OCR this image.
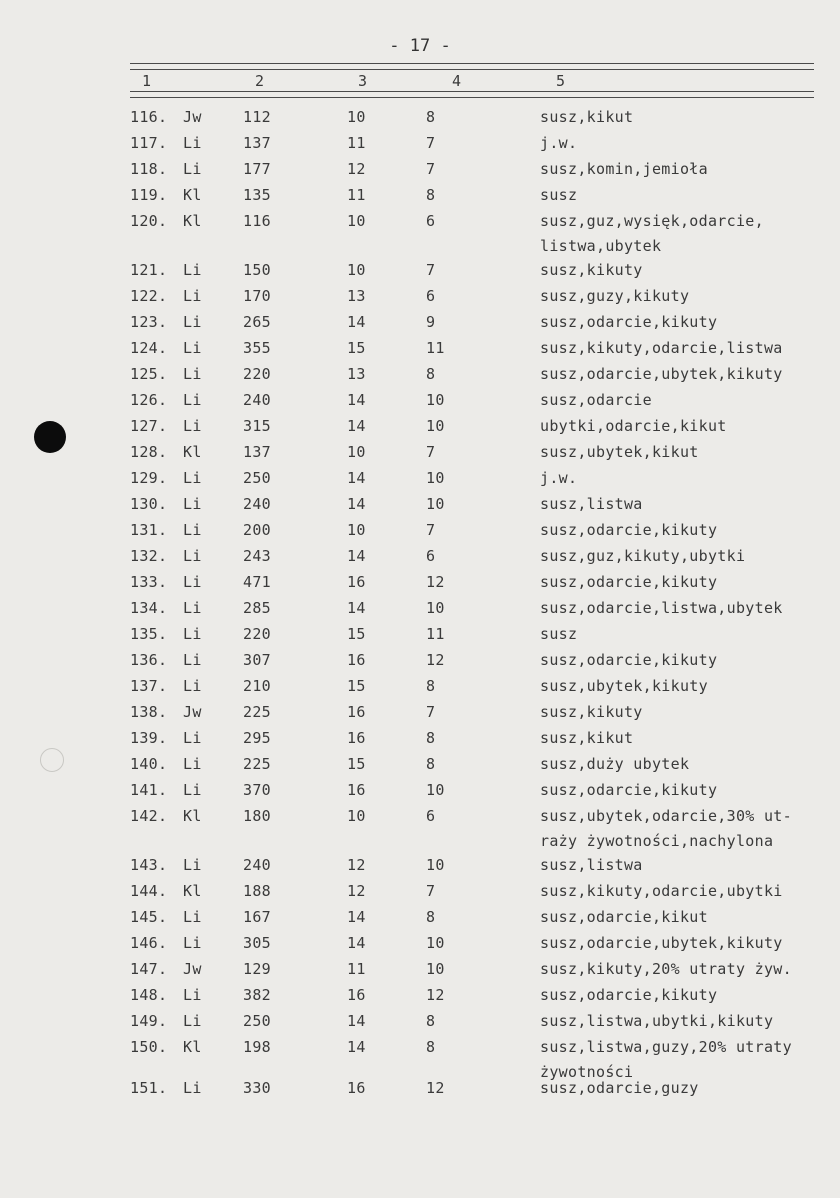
- 17 -
1	2	3	4	5
116. Jw	112	10	8	susz,kikut
117. Li	137	11	7	j.w.
118. Li	177	12	7	susz,komin,jemioła
119. Kl	135	11	8	susz
120. Kl	116	10	6	susz,guz,wysięk,odarcie,
listwa,ubytek
121. Li	150	10	7	susz,kikuty
122. Li	170	13	6	susz,guzy,kikuty
123. Li	265	14	9	susz,odarcie,kikuty
124. Li	355	15	11	susz,kikuty,odarcie,listwa
125. Li	220	13	8	susz,odarcie,ubytek,kikuty
126. Li	240	14	10	susz,odarcie
127. Li	315	14	10	ubytki,odarcie,kikut
128. Kl	137	10	7	susz,ubytek,kikut
129. Li	250	14	10	j.w.
130. Li	240	14	10	susz,listwa
131. Li	200	10	7	susz,odarcie,kikuty
132. Li	243	14	6	susz,guz,kikuty,ubytki
133. Li	471	16	12	susz,odarcie,kikuty
134. Li	285	14	10	susz,odarcie,listwa,ubytek
135. Li	220	15	11	susz
136. Li	307	16	12	susz,odarcie,kikuty
137. Li	210	15	8	susz,ubytek,kikuty
138. Jw	225	16	7	susz,kikuty
139. Li	295	16	8	susz,kikut
140. Li	225	15	8	susz,duży ubytek
141. Li	370	16	10	susz,odarcie,kikuty
142. Kl	180	10	6	susz,ubytek,odarcie,30% ut-
raży żywotności,nachylona
143. Li	240	12	10	susz,listwa
144. Kl	188	12	7	susz,kikuty,odarcie,ubytki
145. Li	167	14	8	susz,odarcie,kikut
146. Li	305	14	10	susz,odarcie,ubytek,kikuty
147. Jw	129	11	10	susz,kikuty,20% utraty żyw.
148. Li	382	16	12	susz,odarcie,kikuty
149. Li	250	14	8	susz,listwa,ubytki,kikuty
150. Kl	198	14	8	susz,listwa,guzy,20% utraty
żywotności
151. Li	330	16	12	susz,odarcie,guzy
